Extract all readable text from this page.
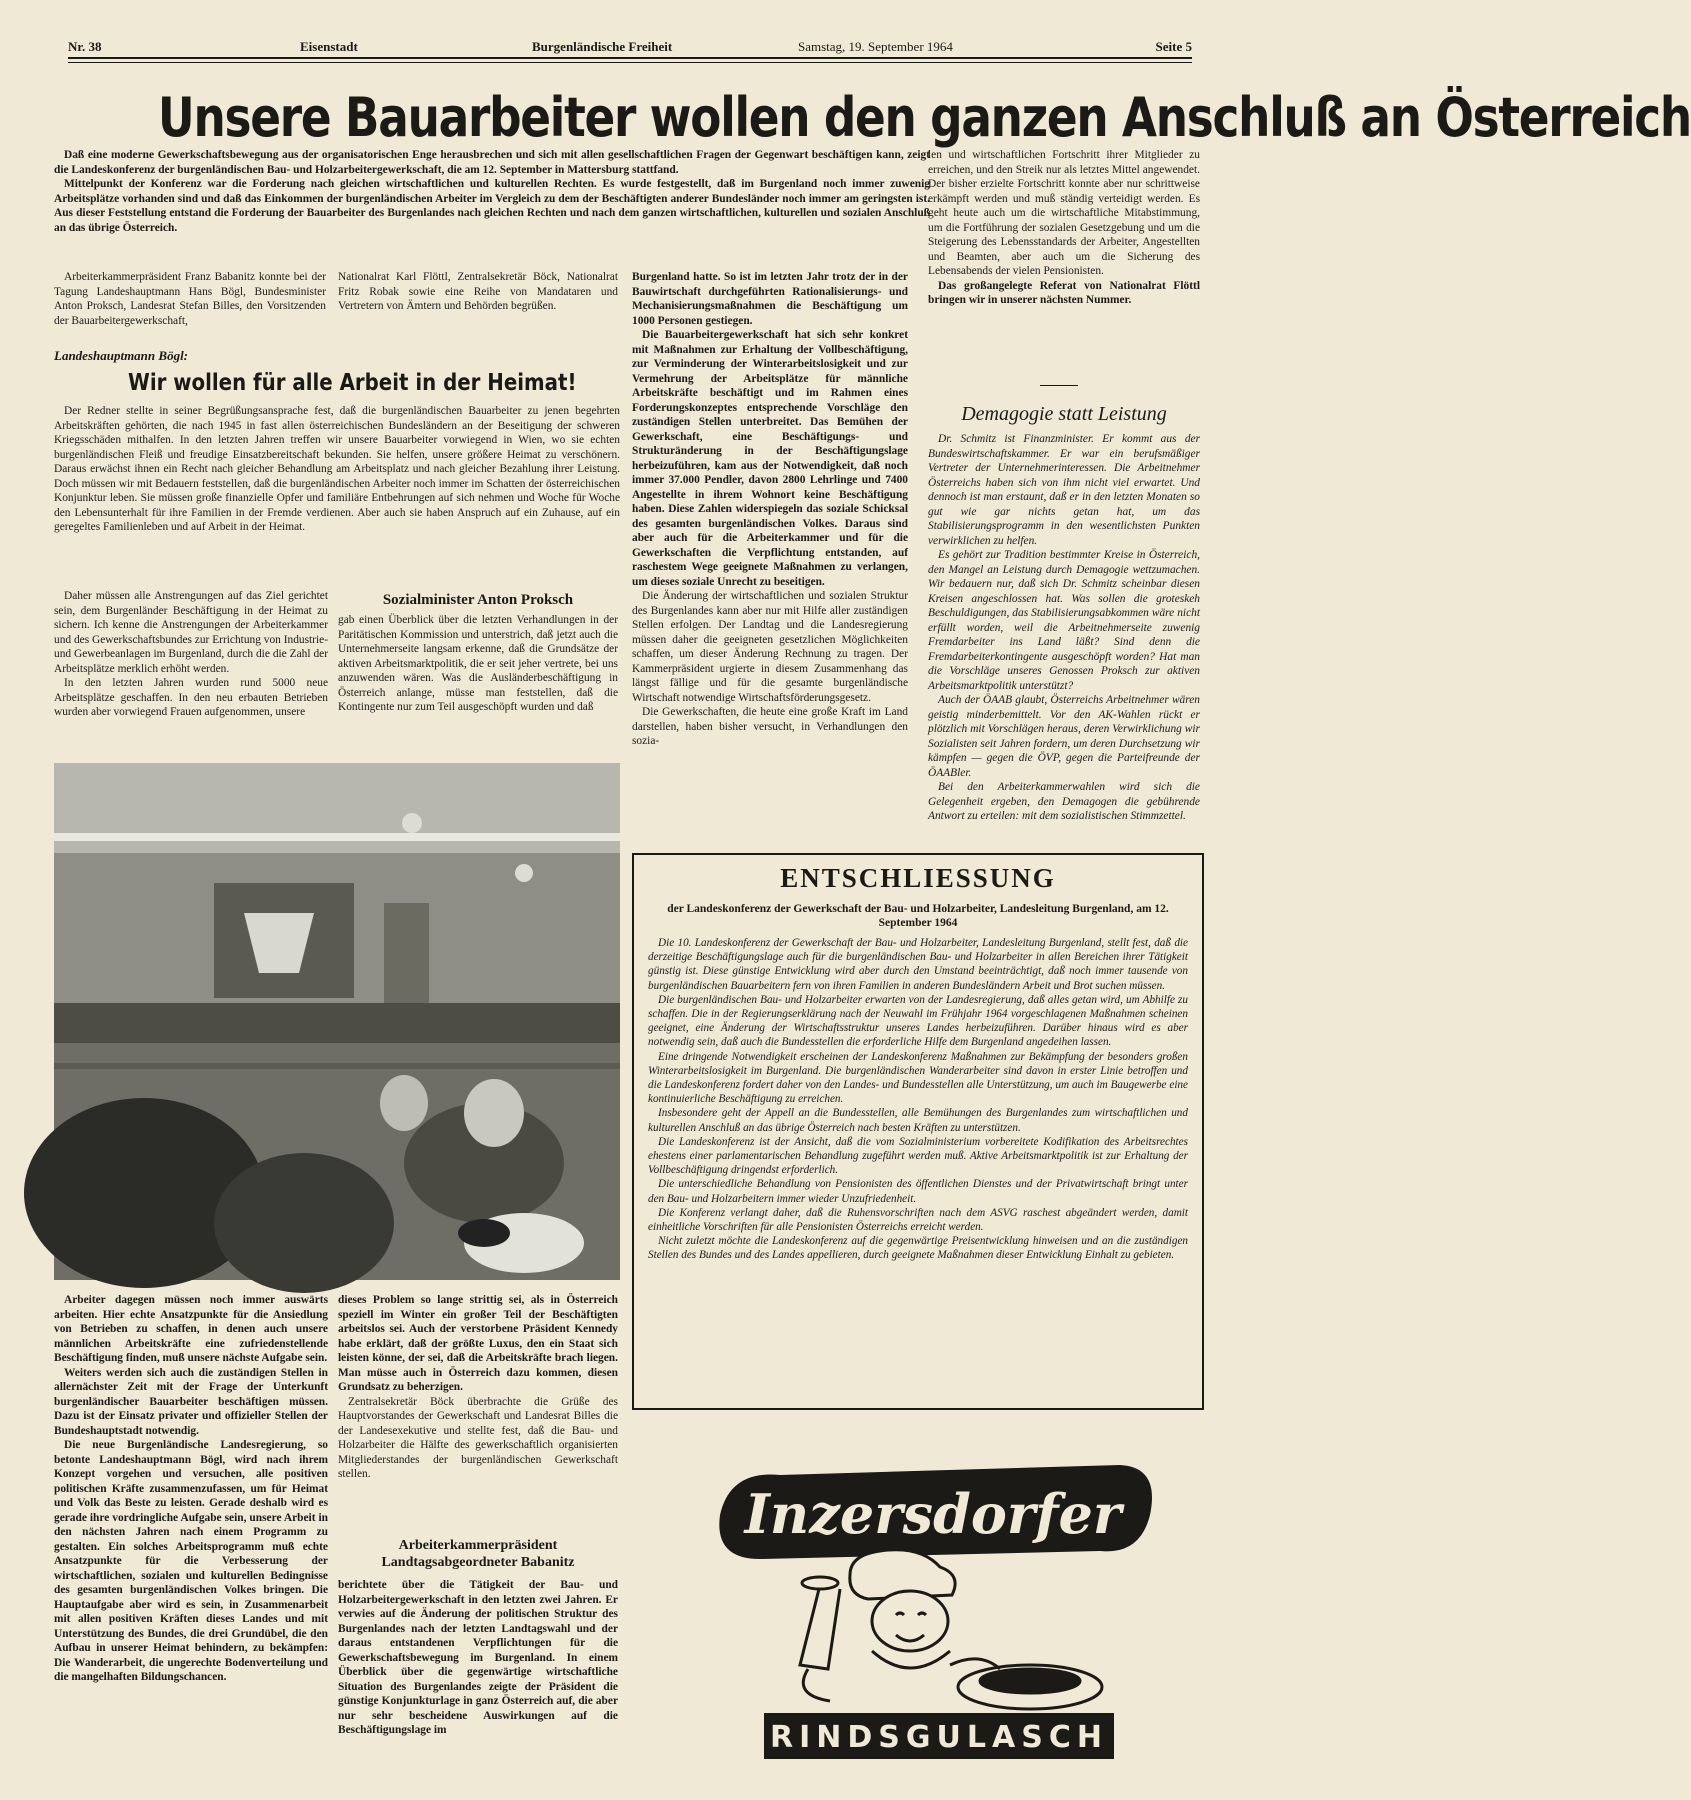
Nr. 38	Eisenstadt	Burgenländische Freiheit	Samstag, 19. September 1964	Seite 5
Unsere Bauarbeiter wollen den ganzen Anschluß an Österreich

Daß eine moderne Gewerkschaftsbewegung aus der organisatorischen Enge herausbrechen und sich mit allen gesellschaftlichen Fragen der Gegenwart beschäftigen kann, zeigt die Landeskonferenz der burgenländischen Bau- und Holzarbeitergewerkschaft, die am 12. September in Mattersburg stattfand.

Mittelpunkt der Konferenz war die Forderung nach gleichen wirtschaftlichen und kulturellen Rechten. Es wurde festgestellt, daß im Burgenland noch immer zuwenig Arbeitsplätze vorhanden sind und daß das Einkommen der burgenländischen Arbeiter im Vergleich zu dem der Beschäftigten anderer Bundesländer noch immer am geringsten ist. Aus dieser Feststellung entstand die Forderung der Bauarbeiter des Burgenlandes nach gleichen Rechten und nach dem ganzen wirtschaftlichen, kulturellen und sozialen Anschluß an das übrige Österreich.

Arbeiterkammerpräsident Franz Babanitz konnte bei der Tagung Landeshauptmann Hans Bögl, Bundesminister Anton Proksch, Landesrat Stefan Billes, den Vorsitzenden der Bauarbeitergewerkschaft,

Nationalrat Karl Flöttl, Zentralsekretär Böck, Nationalrat Fritz Robak sowie eine Reihe von Mandataren und Vertretern von Ämtern und Behörden begrüßen.

Landeshauptmann Bögl:
Wir wollen für alle Arbeit in der Heimat!

Der Redner stellte in seiner Begrüßungsansprache fest, daß die burgenländischen Bauarbeiter zu jenen begehrten Arbeitskräften gehörten, die nach 1945 in fast allen österreichischen Bundesländern an der Beseitigung der schweren Kriegsschäden mithalfen. In den letzten Jahren treffen wir unsere Bauarbeiter vorwiegend in Wien, wo sie echten burgenländischen Fleiß und freudige Einsatzbereitschaft bekunden. Sie helfen, unsere größere Heimat zu verschönern. Daraus erwächst ihnen ein Recht nach gleicher Behandlung am Arbeitsplatz und nach gleicher Bezahlung ihrer Leistung. Doch müssen wir mit Bedauern feststellen, daß die burgenländischen Arbeiter noch immer im Schatten der österreichischen Konjunktur leben. Sie müssen große finanzielle Opfer und familiäre Entbehrungen auf sich nehmen und Woche für Woche den Lebensunterhalt für ihre Familien in der Fremde verdienen. Aber auch sie haben Anspruch auf ein Zuhause, auf ein geregeltes Familienleben und auf Arbeit in der Heimat.

Daher müssen alle Anstrengungen auf das Ziel gerichtet sein, dem Burgenländer Beschäftigung in der Heimat zu sichern. Ich kenne die Anstrengungen der Arbeiterkammer und des Gewerkschaftsbundes zur Errichtung von Industrie- und Gewerbeanlagen im Burgenland, durch die die Zahl der Arbeitsplätze merklich erhöht werden.

In den letzten Jahren wurden rund 5000 neue Arbeitsplätze geschaffen. In den neu erbauten Betrieben wurden aber vorwiegend Frauen aufgenommen, unsere

Sozialminister Anton Proksch

gab einen Überblick über die letzten Verhandlungen in der Paritätischen Kommission und unterstrich, daß jetzt auch die Unternehmerseite langsam erkenne, daß die Grundsätze der aktiven Arbeitsmarktpolitik, die er seit jeher vertrete, bei uns anzuwenden wären. Was die Ausländerbeschäftigung in Österreich anlange, müsse man feststellen, daß die Kontingente nur zum Teil ausgeschöpft wurden und daß

Arbeiter dagegen müssen noch immer auswärts arbeiten. Hier echte Ansatzpunkte für die Ansiedlung von Betrieben zu schaffen, in denen auch unsere männlichen Arbeitskräfte eine zufriedenstellende Beschäftigung finden, muß unsere nächste Aufgabe sein.

Weiters werden sich auch die zuständigen Stellen in allernächster Zeit mit der Frage der Unterkunft burgenländischer Bauarbeiter beschäftigen müssen. Dazu ist der Einsatz privater und offizieller Stellen der Bundeshauptstadt notwendig.

Die neue Burgenländische Landesregierung, so betonte Landeshauptmann Bögl, wird nach ihrem Konzept vorgehen und versuchen, alle positiven politischen Kräfte zusammenzufassen, um für Heimat und Volk das Beste zu leisten. Gerade deshalb wird es gerade ihre vordringliche Aufgabe sein, unsere Arbeit in den nächsten Jahren nach einem Programm zu gestalten. Ein solches Arbeitsprogramm muß echte Ansatzpunkte für die Verbesserung der wirtschaftlichen, sozialen und kulturellen Bedingnisse des gesamten burgenländischen Volkes bringen. Die Hauptaufgabe aber wird es sein, in Zusammenarbeit mit allen positiven Kräften dieses Landes und mit Unterstützung des Bundes, die drei Grundübel, die den Aufbau in unserer Heimat behindern, zu bekämpfen: Die Wanderarbeit, die ungerechte Bodenverteilung und die mangelhaften Bildungschancen.

dieses Problem so lange strittig sei, als in Österreich speziell im Winter ein großer Teil der Beschäftigten arbeitslos sei. Auch der verstorbene Präsident Kennedy habe erklärt, daß der größte Luxus, den ein Staat sich leisten könne, der sei, daß die Arbeitskräfte brach liegen. Man müsse auch in Österreich dazu kommen, diesen Grundsatz zu beherzigen.

Zentralsekretär Böck überbrachte die Grüße des Hauptvorstandes der Gewerkschaft und Landesrat Billes die der Landesexekutive und stellte fest, daß die Bau- und Holzarbeiter die Hälfte des gewerkschaftlich organisierten Mitgliederstandes der burgenländischen Gewerkschaft stellen.

Arbeiterkammerpräsident Landtagsabgeordneter Babanitz

berichtete über die Tätigkeit der Bau- und Holzarbeitergewerkschaft in den letzten zwei Jahren. Er verwies auf die Änderung der politischen Struktur des Burgenlandes nach der letzten Landtagswahl und der daraus entstandenen Verpflichtungen für die Gewerkschaftsbewegung im Burgenland. In einem Überblick über die gegenwärtige wirtschaftliche Situation des Burgenlandes zeigte der Präsident die günstige Konjunkturlage in ganz Österreich auf, die aber nur sehr bescheidene Auswirkungen auf die Beschäftigungslage im

Burgenland hatte. So ist im letzten Jahr trotz der in der Bauwirtschaft durchgeführten Rationalisierungs- und Mechanisierungsmaßnahmen die Beschäftigung um 1000 Personen gestiegen.

Die Bauarbeitergewerkschaft hat sich sehr konkret mit Maßnahmen zur Erhaltung der Vollbeschäftigung, zur Verminderung der Winterarbeitslosigkeit und zur Vermehrung der Arbeitsplätze für männliche Arbeitskräfte beschäftigt und im Rahmen eines Forderungskonzeptes entsprechende Vorschläge den zuständigen Stellen unterbreitet. Das Bemühen der Gewerkschaft, eine Beschäftigungs- und Strukturänderung in der Beschäftigungslage herbeizuführen, kam aus der Notwendigkeit, daß noch immer 37.000 Pendler, davon 2800 Lehrlinge und 7400 Angestellte in ihrem Wohnort keine Beschäftigung haben. Diese Zahlen widerspiegeln das soziale Schicksal des gesamten burgenländischen Volkes. Daraus sind aber auch für die Arbeiterkammer und für die Gewerkschaften die Verpflichtung entstanden, auf raschestem Wege geeignete Maßnahmen zu verlangen, um dieses soziale Unrecht zu beseitigen.

Die Änderung der wirtschaftlichen und sozialen Struktur des Burgenlandes kann aber nur mit Hilfe aller zuständigen Stellen erfolgen. Der Landtag und die Landesregierung müssen daher die geeigneten gesetzlichen Möglichkeiten schaffen, um dieser Änderung Rechnung zu tragen. Der Kammerpräsident urgierte in diesem Zusammenhang das längst fällige und für die gesamte burgenländische Wirtschaft notwendige Wirtschaftsförderungsgesetz.

Die Gewerkschaften, die heute eine große Kraft im Land darstellen, haben bisher versucht, in Verhandlungen den sozia-

len und wirtschaftlichen Fortschritt ihrer Mitglieder zu erreichen, und den Streik nur als letztes Mittel angewendet. Der bisher erzielte Fortschritt konnte aber nur schrittweise erkämpft werden und muß ständig verteidigt werden. Es geht heute auch um die wirtschaftliche Mitabstimmung, um die Fortführung der sozialen Gesetzgebung und um die Steigerung des Lebensstandards der Arbeiter, Angestellten und Beamten, aber auch um die Sicherung des Lebensabends der vielen Pensionisten.

Das großangelegte Referat von Nationalrat Flöttl bringen wir in unserer nächsten Nummer.

Demagogie statt Leistung

Dr. Schmitz ist Finanzminister. Er kommt aus der Bundeswirtschaftskammer. Er war ein berufsmäßiger Vertreter der Unternehmerinteressen. Die Arbeitnehmer Österreichs haben sich von ihm nicht viel erwartet. Und dennoch ist man erstaunt, daß er in den letzten Monaten so gut wie gar nichts getan hat, um das Stabilisierungsprogramm in den wesentlichsten Punkten verwirklichen zu helfen.

Es gehört zur Tradition bestimmter Kreise in Österreich, den Mangel an Leistung durch Demagogie wettzumachen. Wir bedauern nur, daß sich Dr. Schmitz scheinbar diesen Kreisen angeschlossen hat. Was sollen die groteskeh Beschuldigungen, das Stabilisierungsabkommen wäre nicht erfüllt worden, weil die Arbeitnehmerseite zuwenig Fremdarbeiter ins Land läßt? Sind denn die Fremdarbeiterkontingente ausgeschöpft worden? Hat man die Vorschläge unseres Genossen Proksch zur aktiven Arbeitsmarktpolitik unterstützt?

Auch der ÖAAB glaubt, Österreichs Arbeitnehmer wären geistig minderbemittelt. Vor den AK-Wahlen rückt er plötzlich mit Vorschlägen heraus, deren Verwirklichung wir Sozialisten seit Jahren fordern, um deren Durchsetzung wir kämpfen — gegen die ÖVP, gegen die Parteifreunde der ÖAABler.

Bei den Arbeiterkammerwahlen wird sich die Gelegenheit ergeben, den Demagogen die gebührende Antwort zu erteilen: mit dem sozialistischen Stimmzettel.

ENTSCHLIESSUNG
der Landeskonferenz der Gewerkschaft der Bau- und Holzarbeiter, Landesleitung Burgenland, am 12. September 1964

Die 10. Landeskonferenz der Gewerkschaft der Bau- und Holzarbeiter, Landesleitung Burgenland, stellt fest, daß die derzeitige Beschäftigungslage auch für die burgenländischen Bau- und Holzarbeiter in allen Bereichen ihrer Tätigkeit günstig ist. Diese günstige Entwicklung wird aber durch den Umstand beeinträchtigt, daß noch immer tausende von burgenländischen Bauarbeitern fern von ihren Familien in anderen Bundesländern Arbeit und Brot suchen müssen.

Die burgenländischen Bau- und Holzarbeiter erwarten von der Landesregierung, daß alles getan wird, um Abhilfe zu schaffen. Die in der Regierungserklärung nach der Neuwahl im Frühjahr 1964 vorgeschlagenen Maßnahmen scheinen geeignet, eine Änderung der Wirtschaftsstruktur unseres Landes herbeizuführen. Darüber hinaus wird es aber notwendig sein, daß auch die Bundesstellen die erforderliche Hilfe dem Burgenland angedeihen lassen.

Eine dringende Notwendigkeit erscheinen der Landeskonferenz Maßnahmen zur Bekämpfung der besonders großen Winterarbeitslosigkeit im Burgenland. Die burgenländischen Wanderarbeiter sind davon in erster Linie betroffen und die Landeskonferenz fordert daher von den Landes- und Bundesstellen alle Unterstützung, um auch im Baugewerbe eine kontinuierliche Beschäftigung zu erreichen.

Insbesondere geht der Appell an die Bundesstellen, alle Bemühungen des Burgenlandes zum wirtschaftlichen und kulturellen Anschluß an das übrige Österreich nach besten Kräften zu unterstützen.

Die Landeskonferenz ist der Ansicht, daß die vom Sozialministerium vorbereitete Kodifikation des Arbeitsrechtes ehestens einer parlamentarischen Behandlung zugeführt werden muß. Aktive Arbeitsmarktpolitik ist zur Erhaltung der Vollbeschäftigung dringendst erforderlich.

Die unterschiedliche Behandlung von Pensionisten des öffentlichen Dienstes und der Privatwirtschaft bringt unter den Bau- und Holzarbeitern immer wieder Unzufriedenheit.

Die Konferenz verlangt daher, daß die Ruhensvorschriften nach dem ASVG raschest abgeändert werden, damit einheitliche Vorschriften für alle Pensionisten Österreichs erreicht werden.

Nicht zuletzt möchte die Landeskonferenz auf die gegenwärtige Preisentwicklung hinweisen und an die zuständigen Stellen des Bundes und des Landes appellieren, durch geeignete Maßnahmen dieser Entwicklung Einhalt zu gebieten.

Inzersdorfer
RINDSGULASCH
